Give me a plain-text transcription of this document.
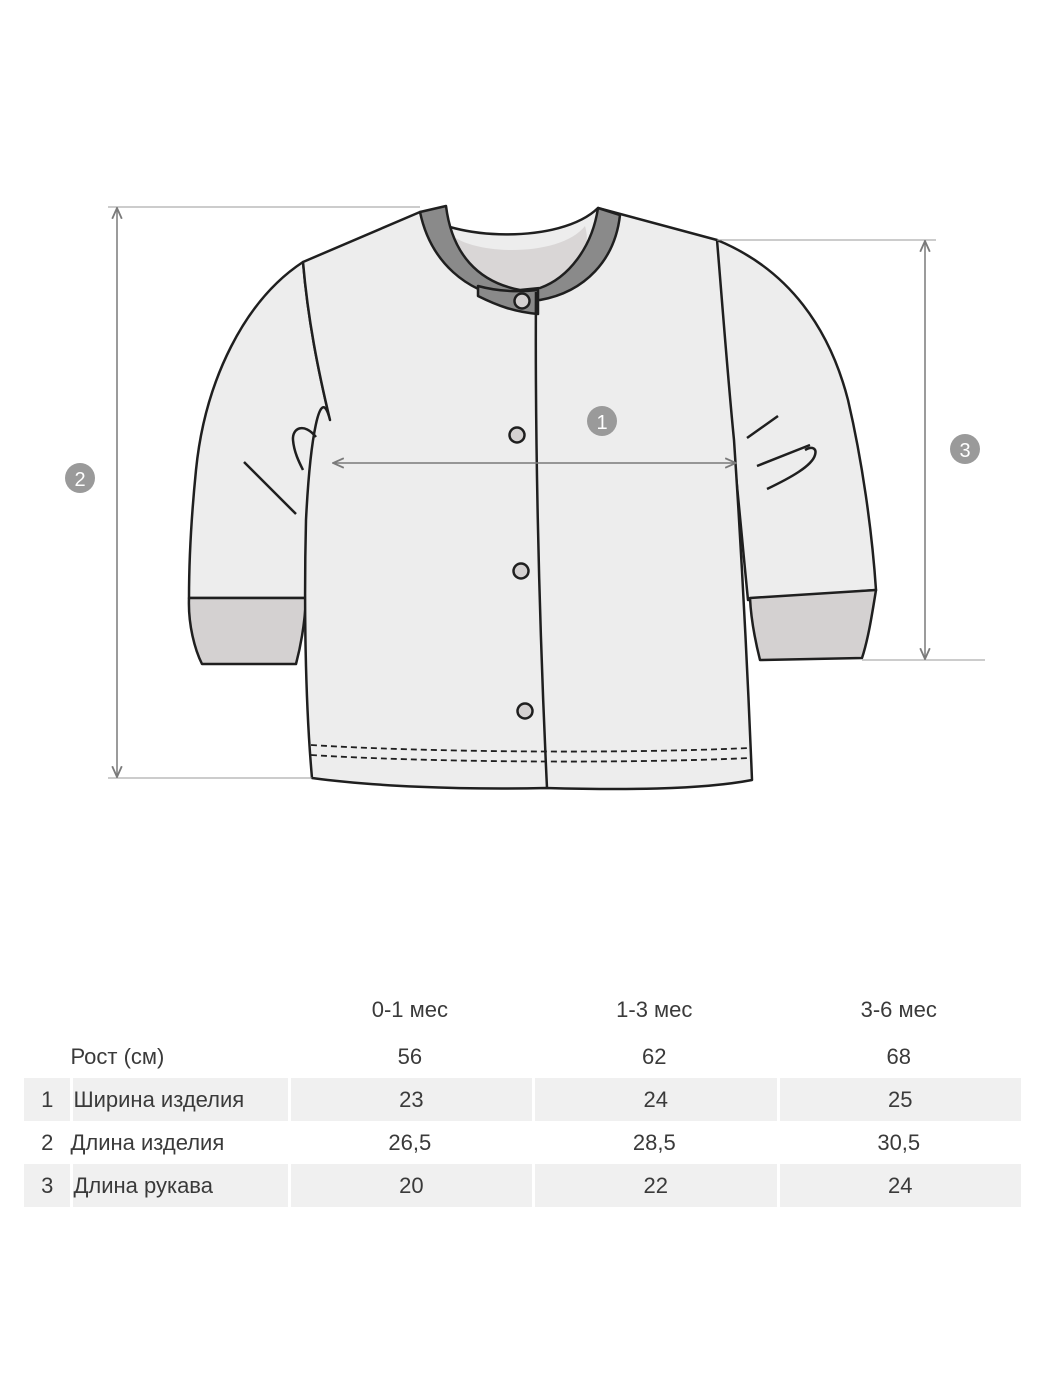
1
2
3
		0-1 мес	1-3 мес	3-6 мес
	Рост (см)	56	62	68
1	Ширина изделия	23	24	25
2	Длина изделия	26,5	28,5	30,5
3	Длина рукава	20	22	24
